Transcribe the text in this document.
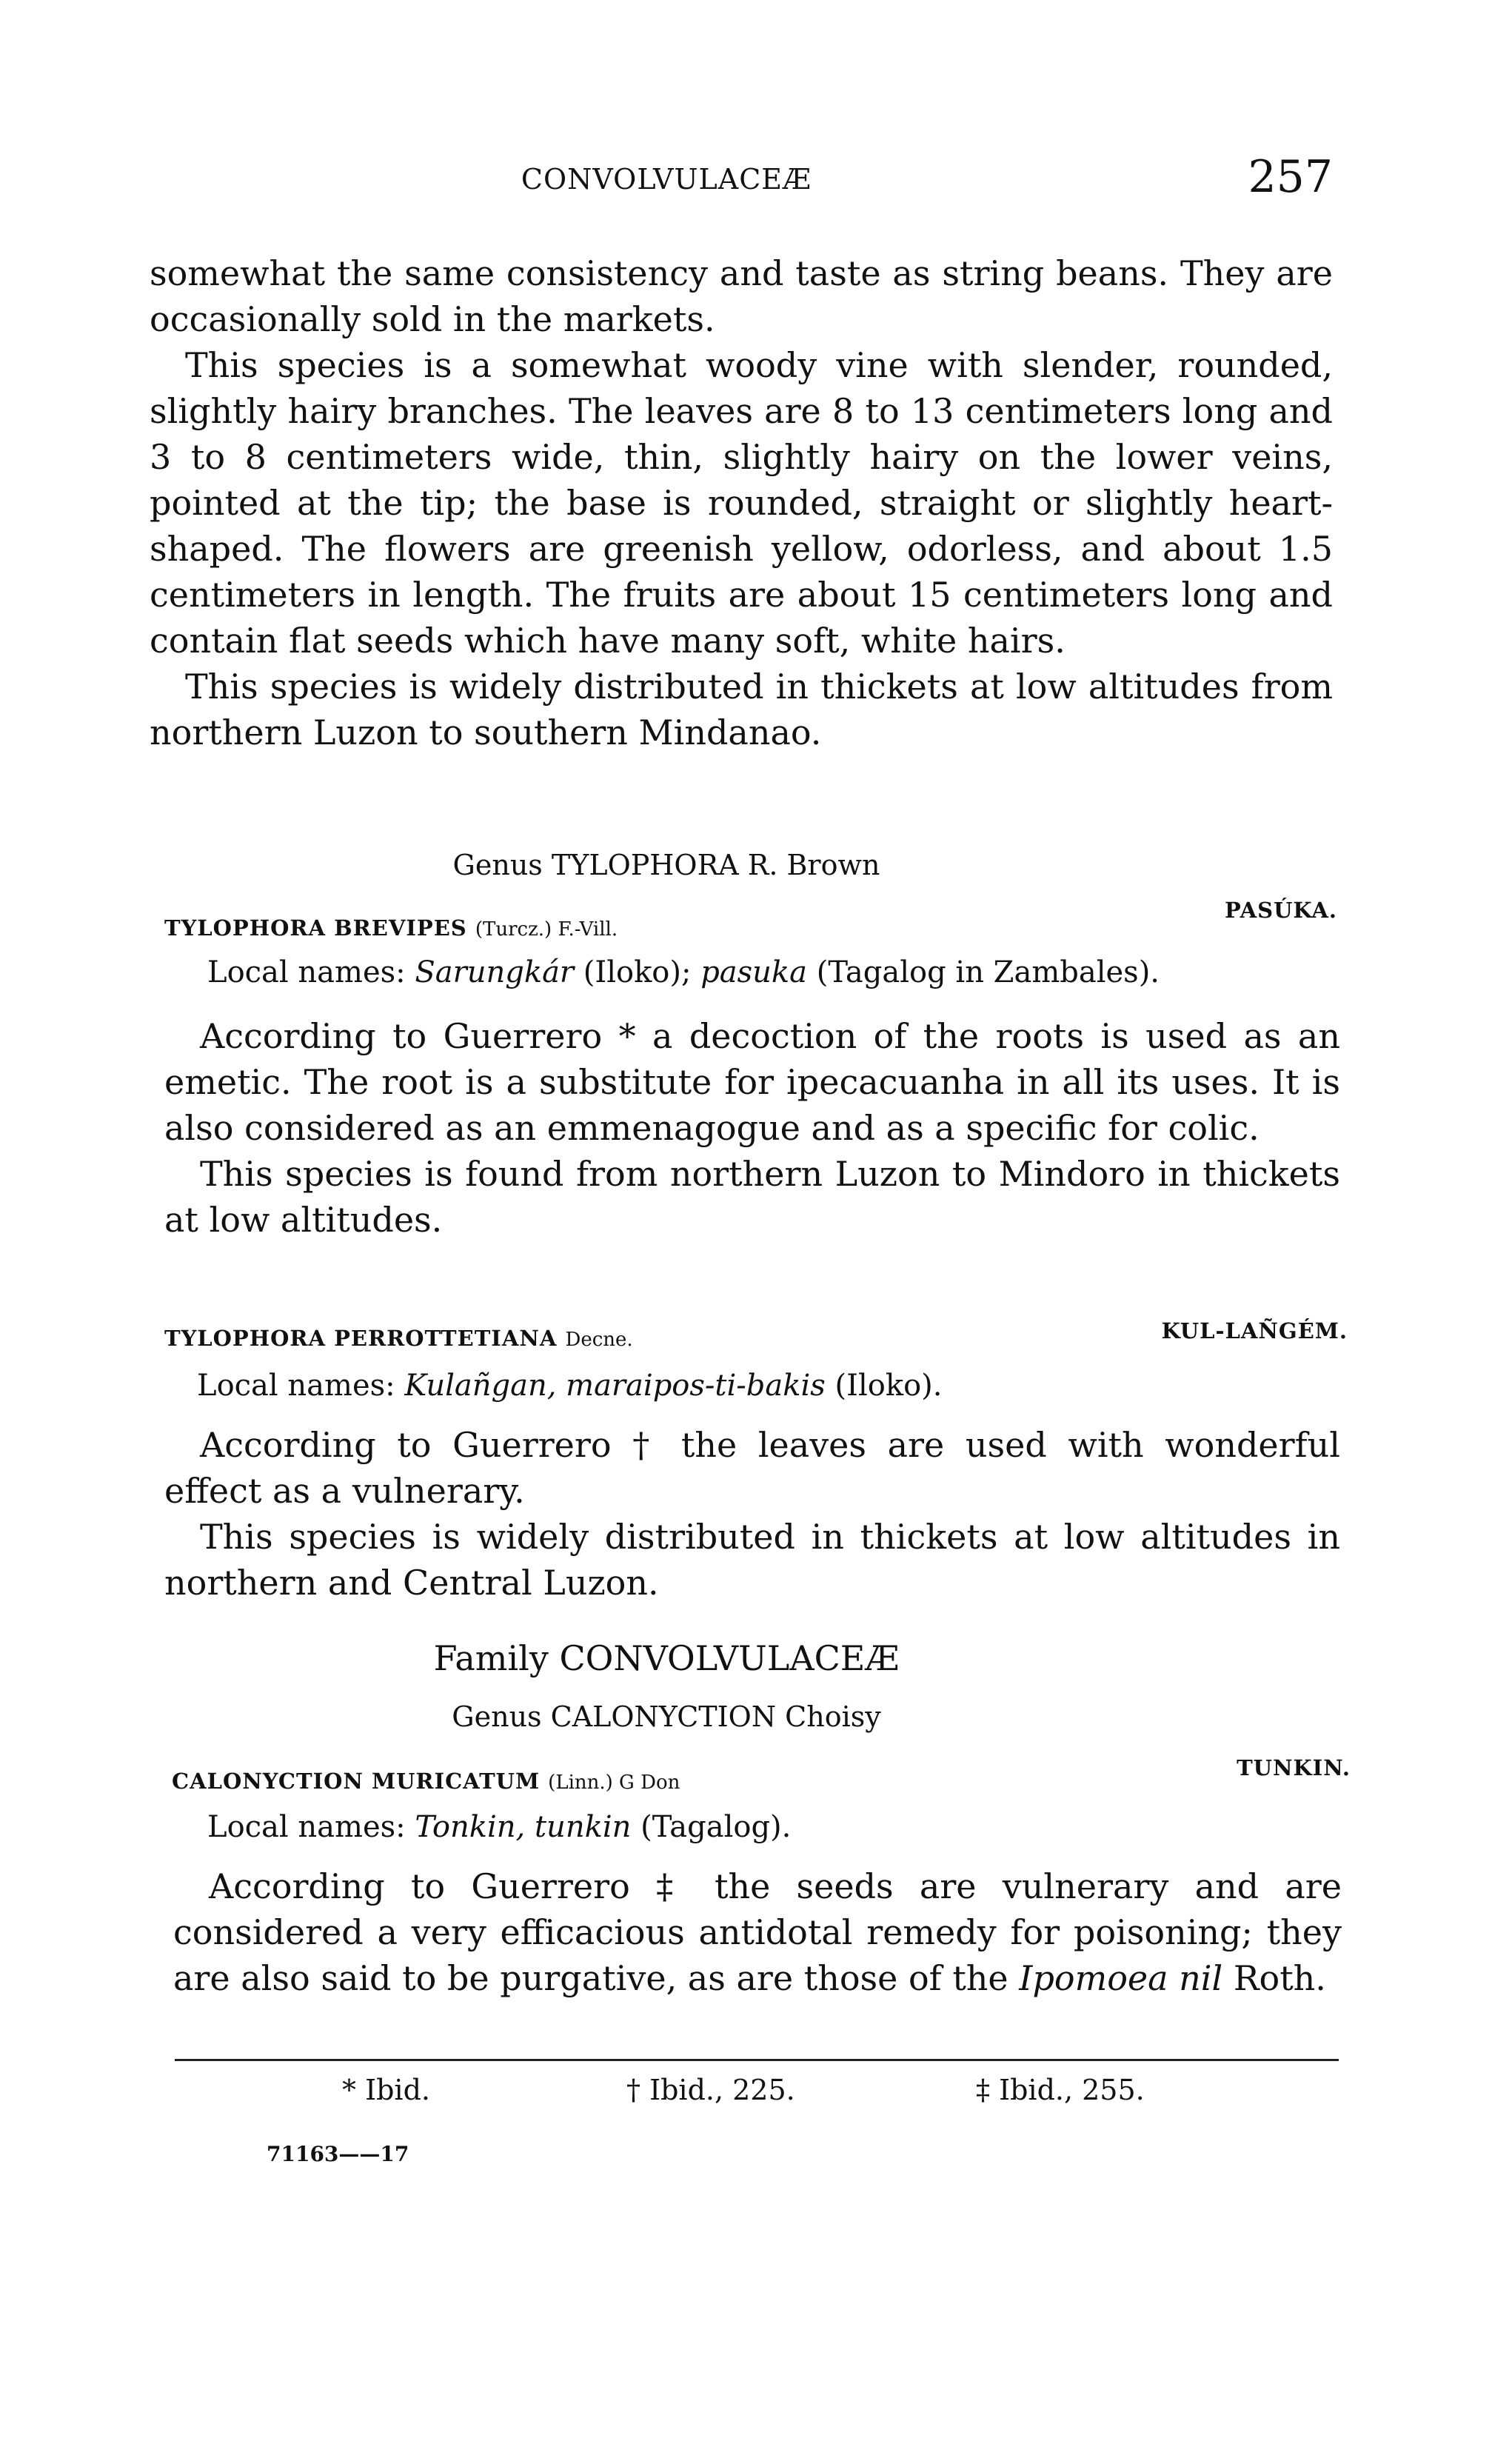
CONVOLVULACEÆ	257

somewhat the same consistency and taste as string beans. They are occasionally sold in the markets.

This species is a somewhat woody vine with slender, rounded, slightly hairy branches. The leaves are 8 to 13 centimeters long and 3 to 8 centimeters wide, thin, slightly hairy on the lower veins, pointed at the tip; the base is rounded, straight or slightly heart-shaped. The flowers are greenish yellow, odorless, and about 1.5 centimeters in length. The fruits are about 15 centimeters long and contain flat seeds which have many soft, white hairs.

This species is widely distributed in thickets at low altitudes from northern Luzon to southern Mindanao.

Genus TYLOPHORA R. Brown
TYLOPHORA BREVIPES (Turcz.) F.-Vill.
PASÚKA.
Local names: Sarungkár (Iloko); pasuka (Tagalog in Zambales).

According to Guerrero * a decoction of the roots is used as an emetic. The root is a substitute for ipecacuanha in all its uses. It is also considered as an emmenagogue and as a specific for colic.

This species is found from northern Luzon to Mindoro in thickets at low altitudes.

TYLOPHORA PERROTTETIANA Decne.	KUL-LAÑGÉM.
Local names: Kulañgan, maraipos-ti-bakis (Iloko).

According to Guerrero † the leaves are used with wonderful effect as a vulnerary.

This species is widely distributed in thickets at low altitudes in northern and Central Luzon.

Family CONVOLVULACEÆ
Genus CALONYCTION Choisy
CALONYCTION MURICATUM (Linn.) G Don
TUNKIN.
Local names: Tonkin, tunkin (Tagalog).

According to Guerrero ‡ the seeds are vulnerary and are considered a very efficacious antidotal remedy for poisoning; they are also said to be purgative, as are those of the Ipomoea nil Roth.

* Ibid.	† Ibid., 225.	‡ Ibid., 255.
71163——17
